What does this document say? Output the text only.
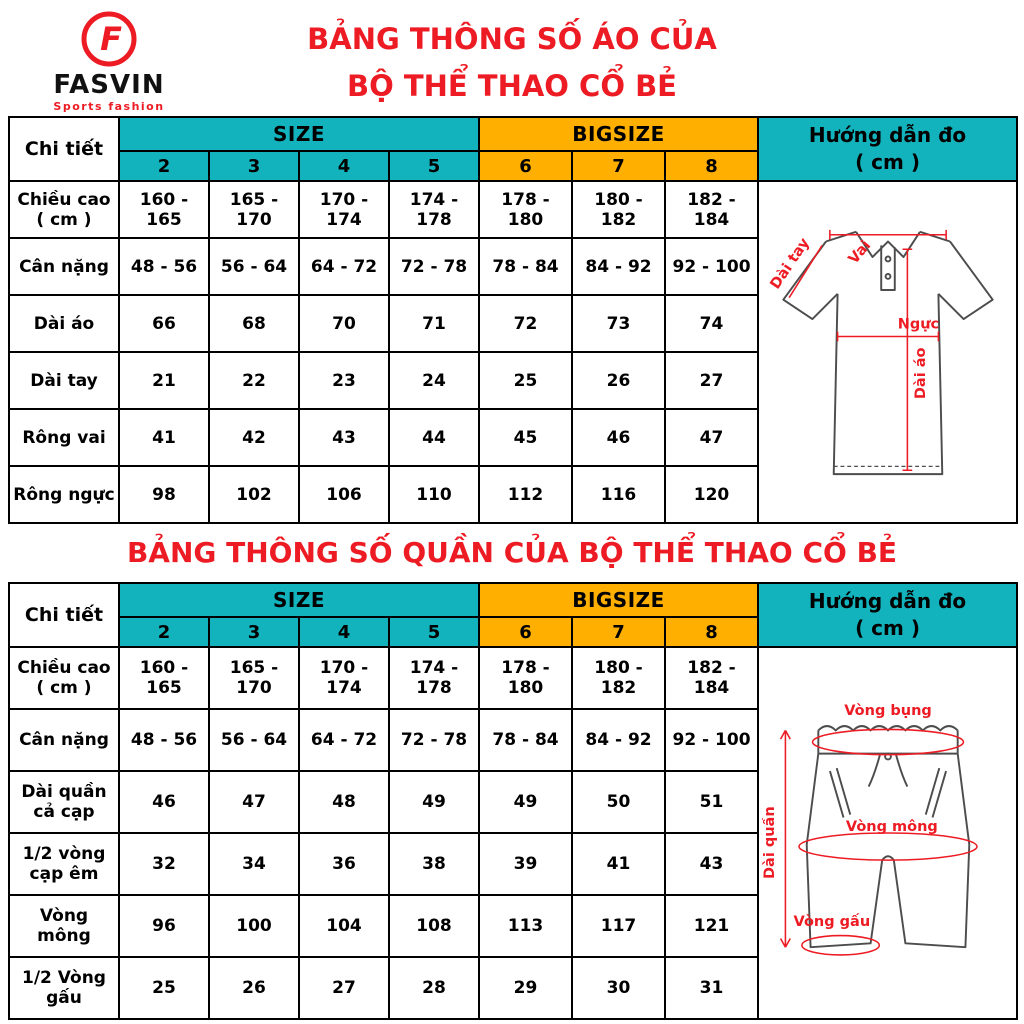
F
FASVIN
Sports fashion
BẢNG THÔNG SỐ ÁO CỦA
BỘ THỂ THAO CỔ BẺ
Chi tiết	SIZE				BIGSIZE			Hướng dẫn đo
( cm )

	2	3	4	5	6	7	8	
Chiều cao ( cm )	160 - 165	165 - 170	170 - 174	174 - 178	178 - 180	180 - 182	182 - 184	Vai
Dài tay
Ngực
Dài áo

Cân nặng	48 - 56	56 - 64	64 - 72	72 - 78	78 - 84	84 - 92	92 - 100	
Dài áo	66	68	70	71	72	73	74	
Dài tay	21	22	23	24	25	26	27	
Rông vai	41	42	43	44	45	46	47	
Rông ngực	98	102	106	110	112	116	120	
BẢNG THÔNG SỐ QUẦN CỦA BỘ THỂ THAO CỔ BẺ
Chi tiết	SIZE				BIGSIZE			Hướng dẫn đo
( cm )

	2	3	4	5	6	7	8	
Chiều cao ( cm )	160 - 165	165 - 170	170 - 174	174 - 178	178 - 180	180 - 182	182 - 184	Vòng bụng
Vòng mông
Dài quần
Vòng gấu

Cân nặng	48 - 56	56 - 64	64 - 72	72 - 78	78 - 84	84 - 92	92 - 100	
Dài quần cả cạp	46	47	48	49	49	50	51	
1/2 vòng cạp êm	32	34	36	38	39	41	43	
Vòng mông	96	100	104	108	113	117	121	
1/2 Vòng gấu	25	26	27	28	29	30	31	
